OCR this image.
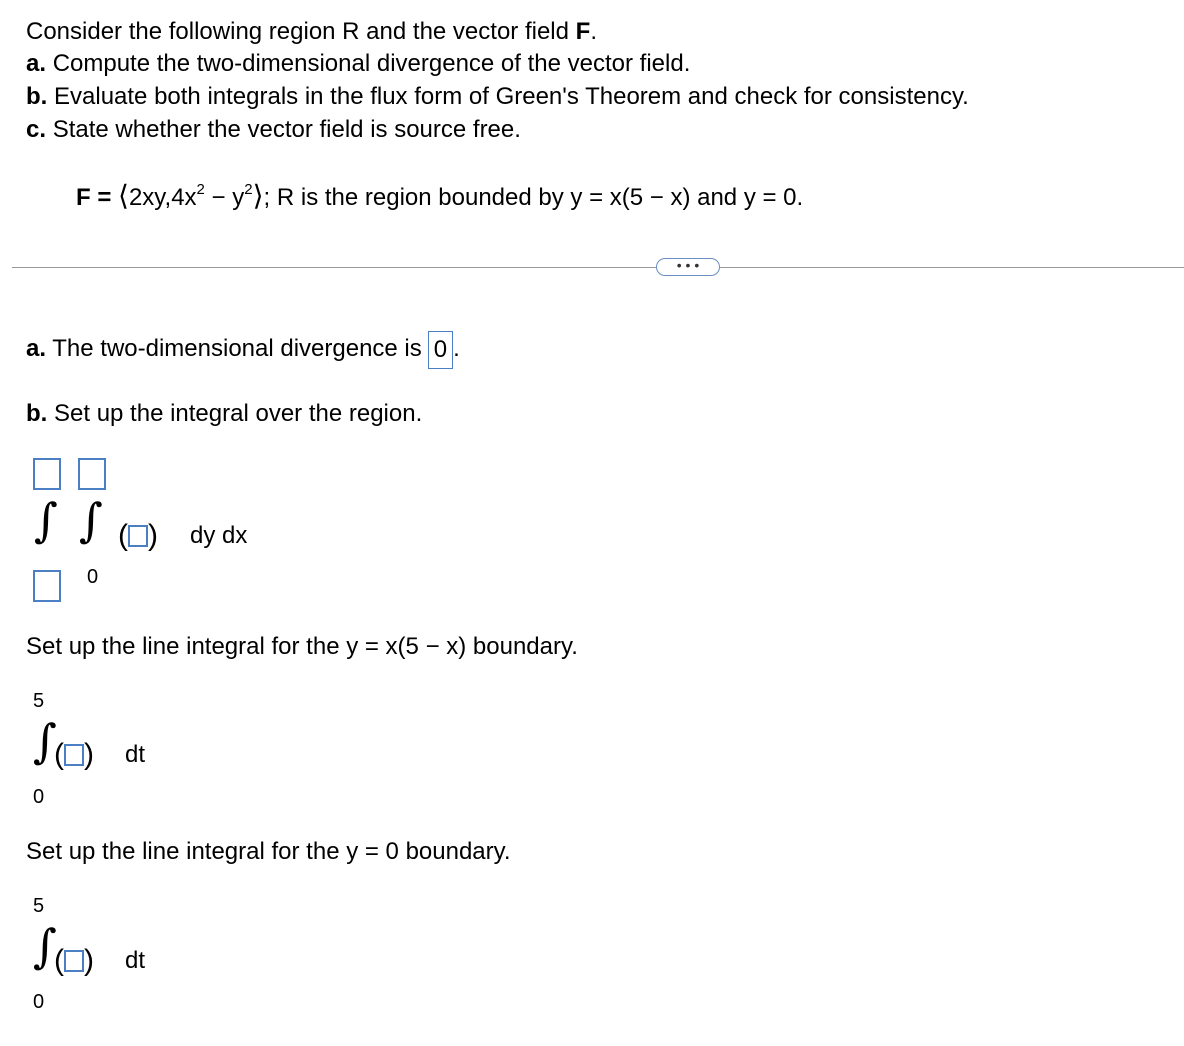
Consider the following region R and the vector field F.
a. Compute the two-dimensional divergence of the vector field.
b. Evaluate both integrals in the flux form of Green's Theorem and check for consistency.
c. State whether the vector field is source free.
$F = ⟨2xy,4x^2$ − $y^2⟩$; R is the region bounded by y = x(5 − x) and y = 0.
• • •
a. The two-dimensional divergence is 0 .
b. Set up the integral over the region.
∫ ∫ ( ) dy dx
0
Set up the line integral for the y = x(5 − x) boundary.
5
∫
( ) dt
0
Set up the line integral for the y = 0 boundary.
5
∫
( ) dt
0
